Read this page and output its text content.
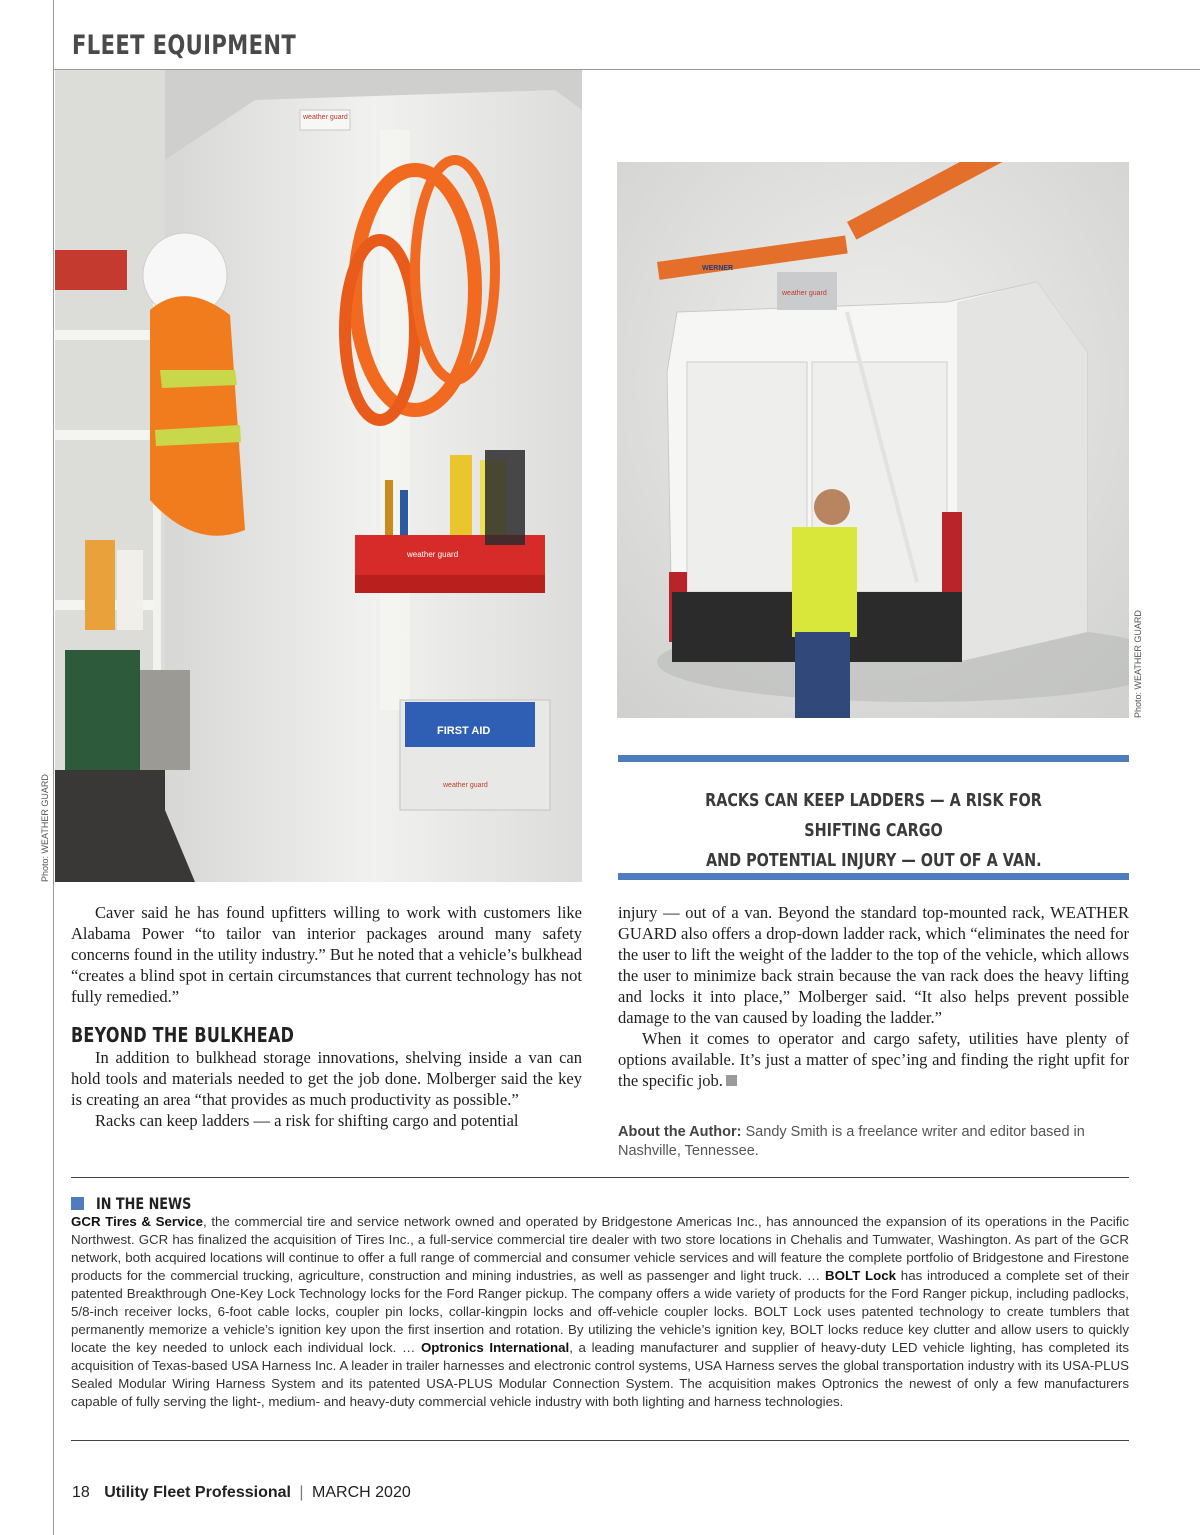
FLEET EQUIPMENT
FIRST AID
weather guard
weather guard
weather guard
Photo: WEATHER GUARD
WERNER
weather guard
Photo: WEATHER GUARD
RACKS CAN KEEP LADDERS — A RISK FOR SHIFTING CARGO
AND POTENTIAL INJURY — OUT OF A VAN.

Caver said he has found upfitters willing to work with customers like Alabama Power “to tailor van interior packages around many safety concerns found in the utility industry.” But he noted that a vehicle’s bulkhead “creates a blind spot in certain circumstances that current technology has not fully remedied.”

BEYOND THE BULKHEAD

In addition to bulkhead storage innovations, shelving inside a van can hold tools and materials needed to get the job done. Molberger said the key is creating an area “that provides as much productivity as possible.”

Racks can keep ladders — a risk for shifting cargo and potential

injury — out of a van. Beyond the standard top-mounted rack, WEATHER GUARD also offers a drop-down ladder rack, which “eliminates the need for the user to lift the weight of the ladder to the top of the vehicle, which allows the user to minimize back strain because the van rack does the heavy lifting and locks it into place,” Molberger said. “It also helps prevent possible damage to the van caused by loading the ladder.”

When it comes to operator and cargo safety, utilities have plenty of options available. It’s just a matter of spec’ing and finding the right upfit for the specific job.

About the Author: Sandy Smith is a freelance writer and editor based in Nashville, Tennessee.
IN THE NEWS
GCR Tires & Service, the commercial tire and service network owned and operated by Bridgestone Americas Inc., has announced the expansion of its operations in the Pacific Northwest. GCR has finalized the acquisition of Tires Inc., a full-service commercial tire dealer with two store locations in Chehalis and Tumwater, Washington. As part of the GCR network, both acquired locations will continue to offer a full range of commercial and consumer vehicle services and will feature the complete portfolio of Bridgestone and Firestone products for the commercial trucking, agriculture, construction and mining industries, as well as passenger and light truck. … BOLT Lock has introduced a complete set of their patented Breakthrough One-Key Lock Technology locks for the Ford Ranger pickup. The company offers a wide variety of products for the Ford Ranger pickup, including padlocks, 5/8-inch receiver locks, 6-foot cable locks, coupler pin locks, collar-kingpin locks and off-vehicle coupler locks. BOLT Lock uses patented technology to create tumblers that permanently memorize a vehicle’s ignition key upon the first insertion and rotation. By utilizing the vehicle’s ignition key, BOLT locks reduce key clutter and allow users to quickly locate the key needed to unlock each individual lock. … Optronics International, a leading manufacturer and supplier of heavy-duty LED vehicle lighting, has completed its acquisition of Texas-based USA Harness Inc. A leader in trailer harnesses and electronic control systems, USA Harness serves the global transportation industry with its USA-PLUS Sealed Modular Wiring Harness System and its patented USA-PLUS Modular Connection System. The acquisition makes Optronics the newest of only a few manufacturers capable of fully serving the light-, medium- and heavy-duty commercial vehicle industry with both lighting and harness technologies.
18 Utility Fleet Professional | MARCH 2020
